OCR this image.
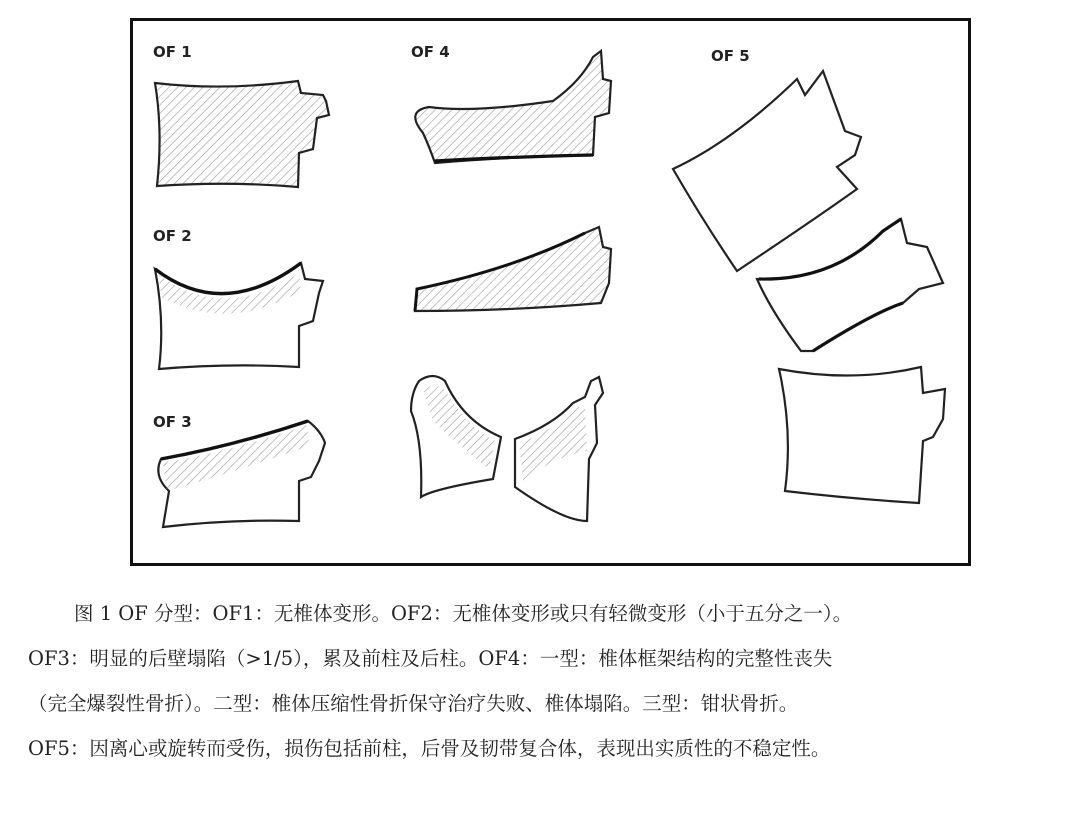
OF 1
OF 2
OF 3
OF 4	OF 5
图 1 OF 分型：OF1：无椎体变形。OF2：无椎体变形或只有轻微变形（小于五分之一）。
OF3：明显的后壁塌陷（>1/5），累及前柱及后柱。OF4：一型：椎体框架结构的完整性丧失
（完全爆裂性骨折）。二型：椎体压缩性骨折保守治疗失败、椎体塌陷。三型：钳状骨折。
OF5：因离心或旋转而受伤，损伤包括前柱，后骨及韧带复合体，表现出实质性的不稳定性。
